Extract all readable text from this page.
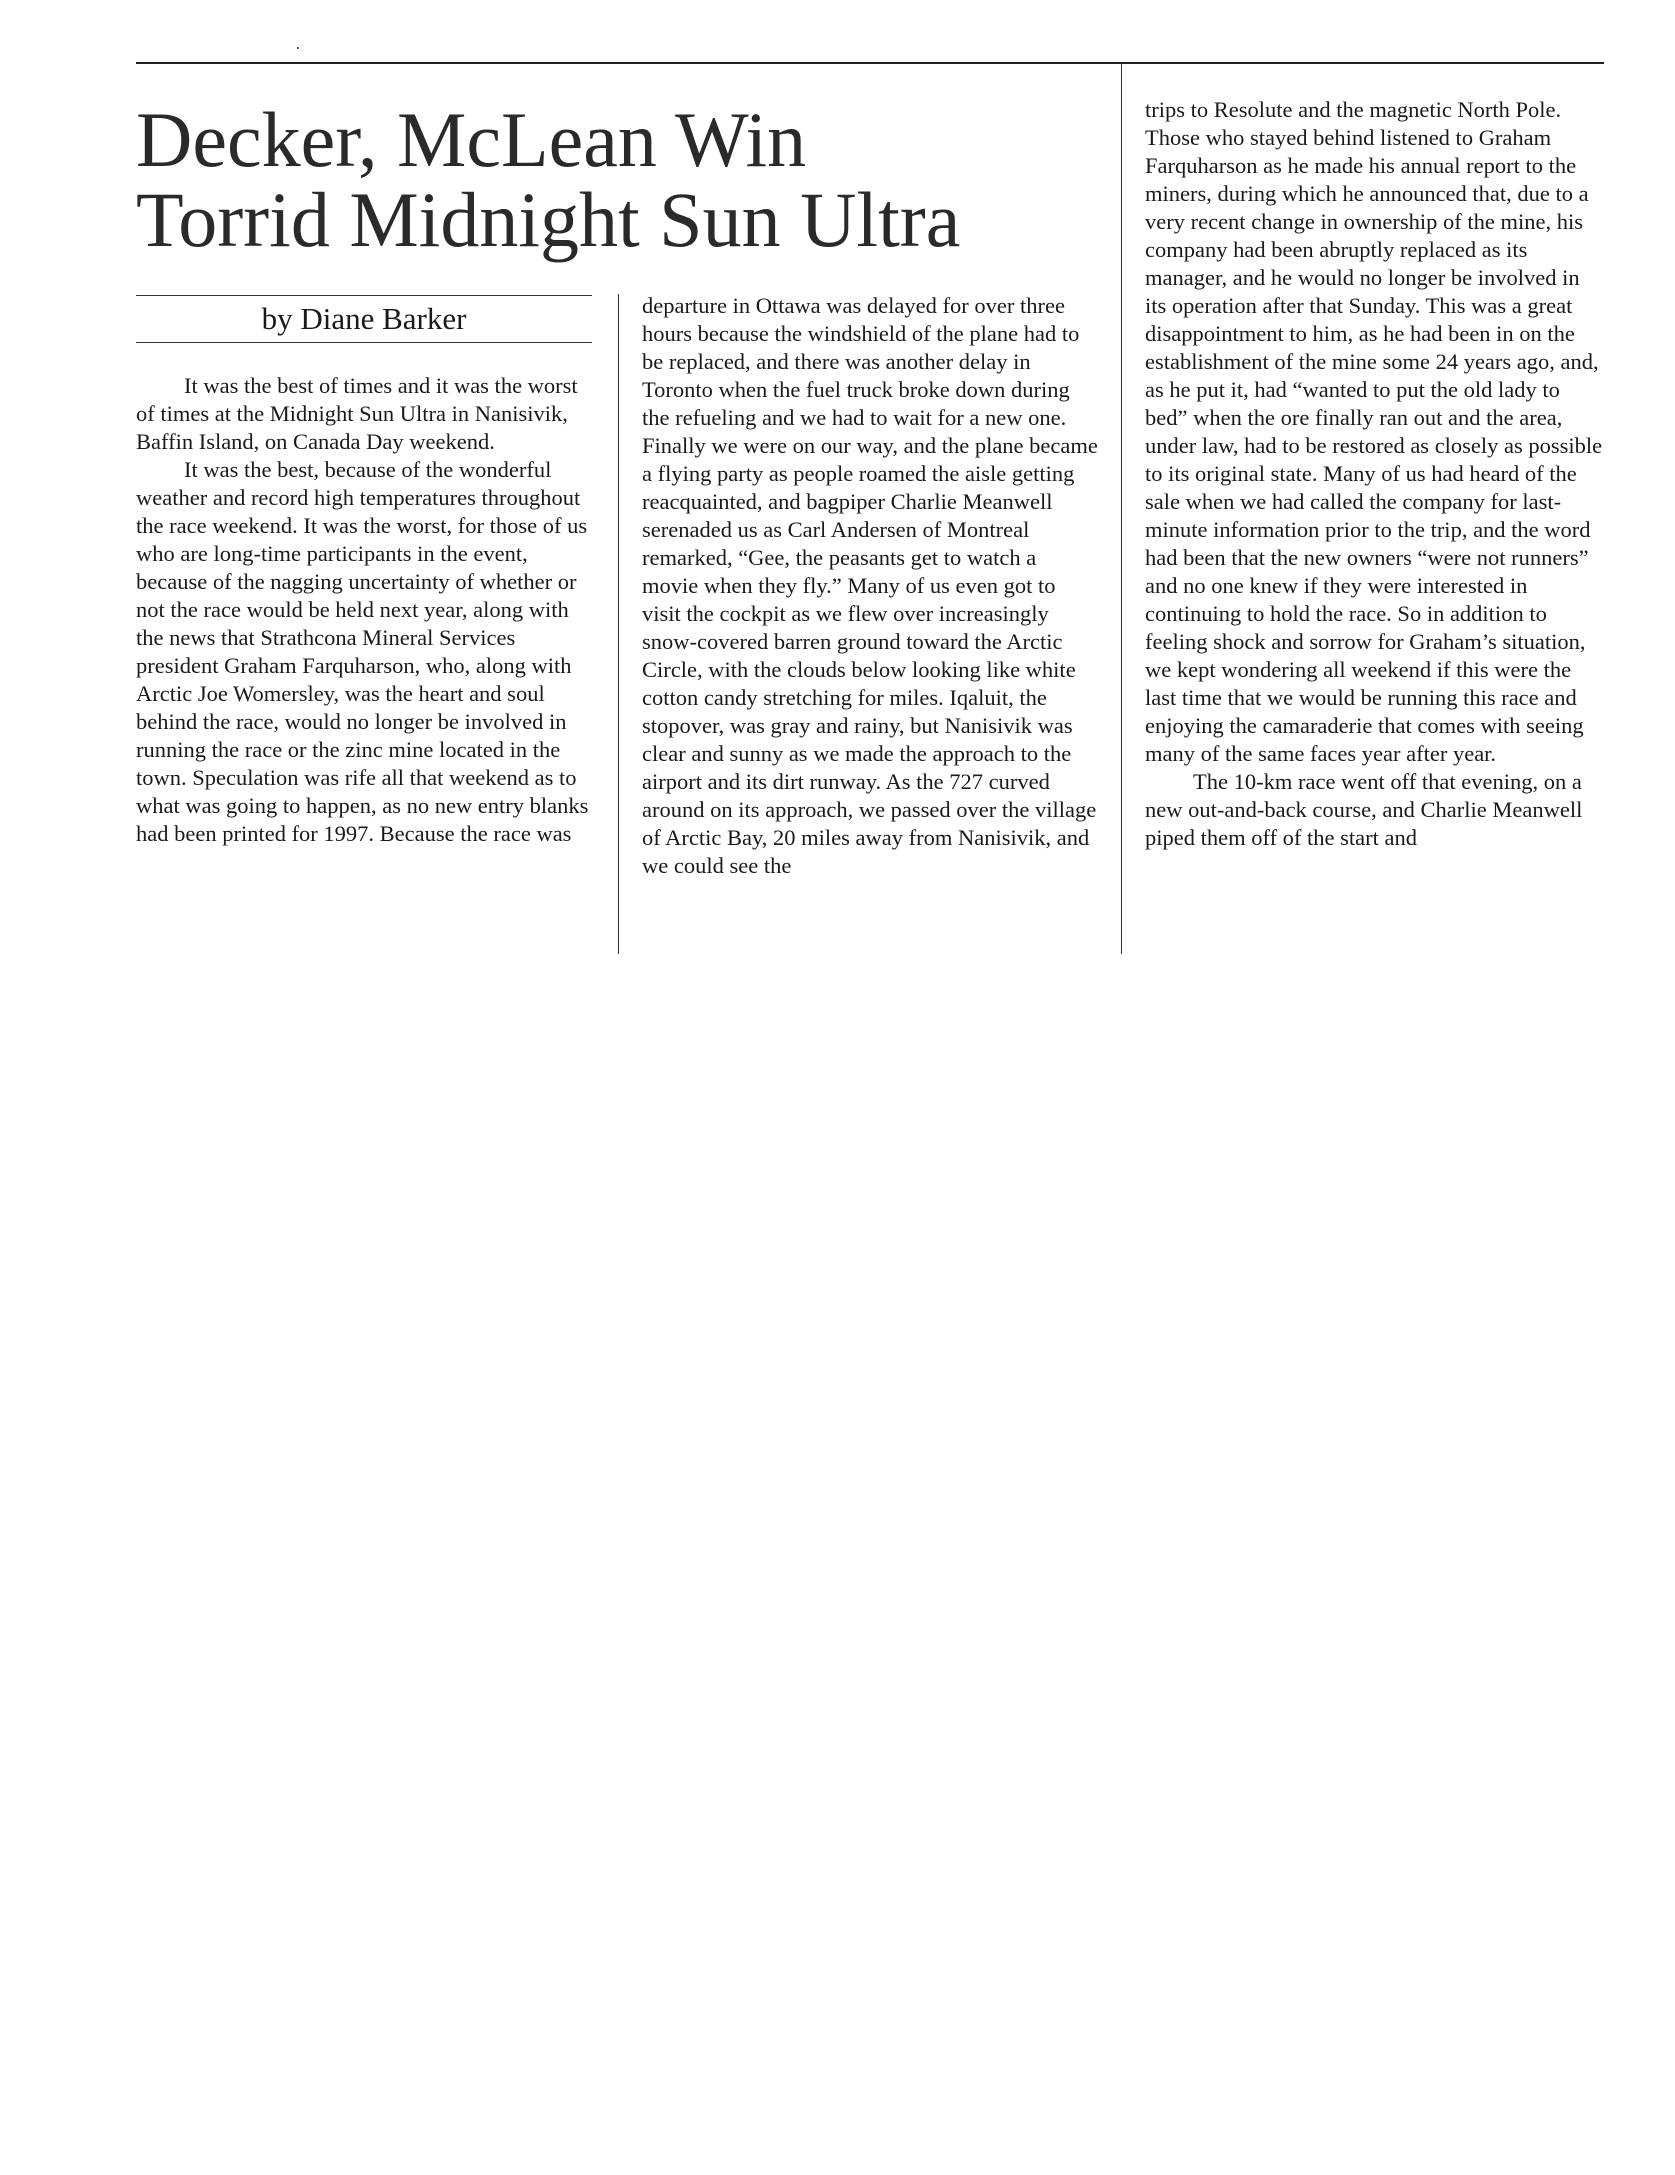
Decker, McLean Win Torrid Midnight Sun Ultra
by Diane Barker

It was the best of times and it was the worst of times at the Midnight Sun Ultra in Nanisivik, Baffin Island, on Canada Day weekend.

It was the best, because of the wonderful weather and record high temperatures throughout the race weekend. It was the worst, for those of us who are long-time participants in the event, because of the nagging uncertainty of whether or not the race would be held next year, along with the news that Strathcona Mineral Services president Graham Farquharson, who, along with Arctic Joe Womersley, was the heart and soul behind the race, would no longer be involved in running the race or the zinc mine located in the town. Speculation was rife all that weekend as to what was going to happen, as no new entry blanks had been printed for 1997. Because the race was

departure in Ottawa was delayed for over three hours because the windshield of the plane had to be replaced, and there was another delay in Toronto when the fuel truck broke down during the refueling and we had to wait for a new one. Finally we were on our way, and the plane became a flying party as people roamed the aisle getting reacquainted, and bagpiper Charlie Meanwell serenaded us as Carl Andersen of Montreal remarked, “Gee, the peasants get to watch a movie when they fly.” Many of us even got to visit the cockpit as we flew over increasingly snow-covered barren ground toward the Arctic Circle, with the clouds below looking like white cotton candy stretching for miles. Iqaluit, the stopover, was gray and rainy, but Nanisivik was clear and sunny as we made the approach to the airport and its dirt runway. As the 727 curved around on its approach, we passed over the village of Arctic Bay, 20 miles away from Nanisivik, and we could see the

trips to Resolute and the magnetic North Pole. Those who stayed behind listened to Graham Farquharson as he made his annual report to the miners, during which he announced that, due to a very recent change in ownership of the mine, his company had been abruptly replaced as its manager, and he would no longer be involved in its operation after that Sunday. This was a great disappointment to him, as he had been in on the establishment of the mine some 24 years ago, and, as he put it, had “wanted to put the old lady to bed” when the ore finally ran out and the area, under law, had to be restored as closely as possible to its original state. Many of us had heard of the sale when we had called the company for last-minute information prior to the trip, and the word had been that the new owners “were not runners” and no one knew if they were interested in continuing to hold the race. So in addition to feeling shock and sorrow for Graham’s situation, we kept wondering all weekend if this were the last time that we would be running this race and enjoying the camaraderie that comes with seeing many of the same faces year after year.

The 10-km race went off that evening, on a new out-and-back course, and Charlie Meanwell piped them off of the start and
